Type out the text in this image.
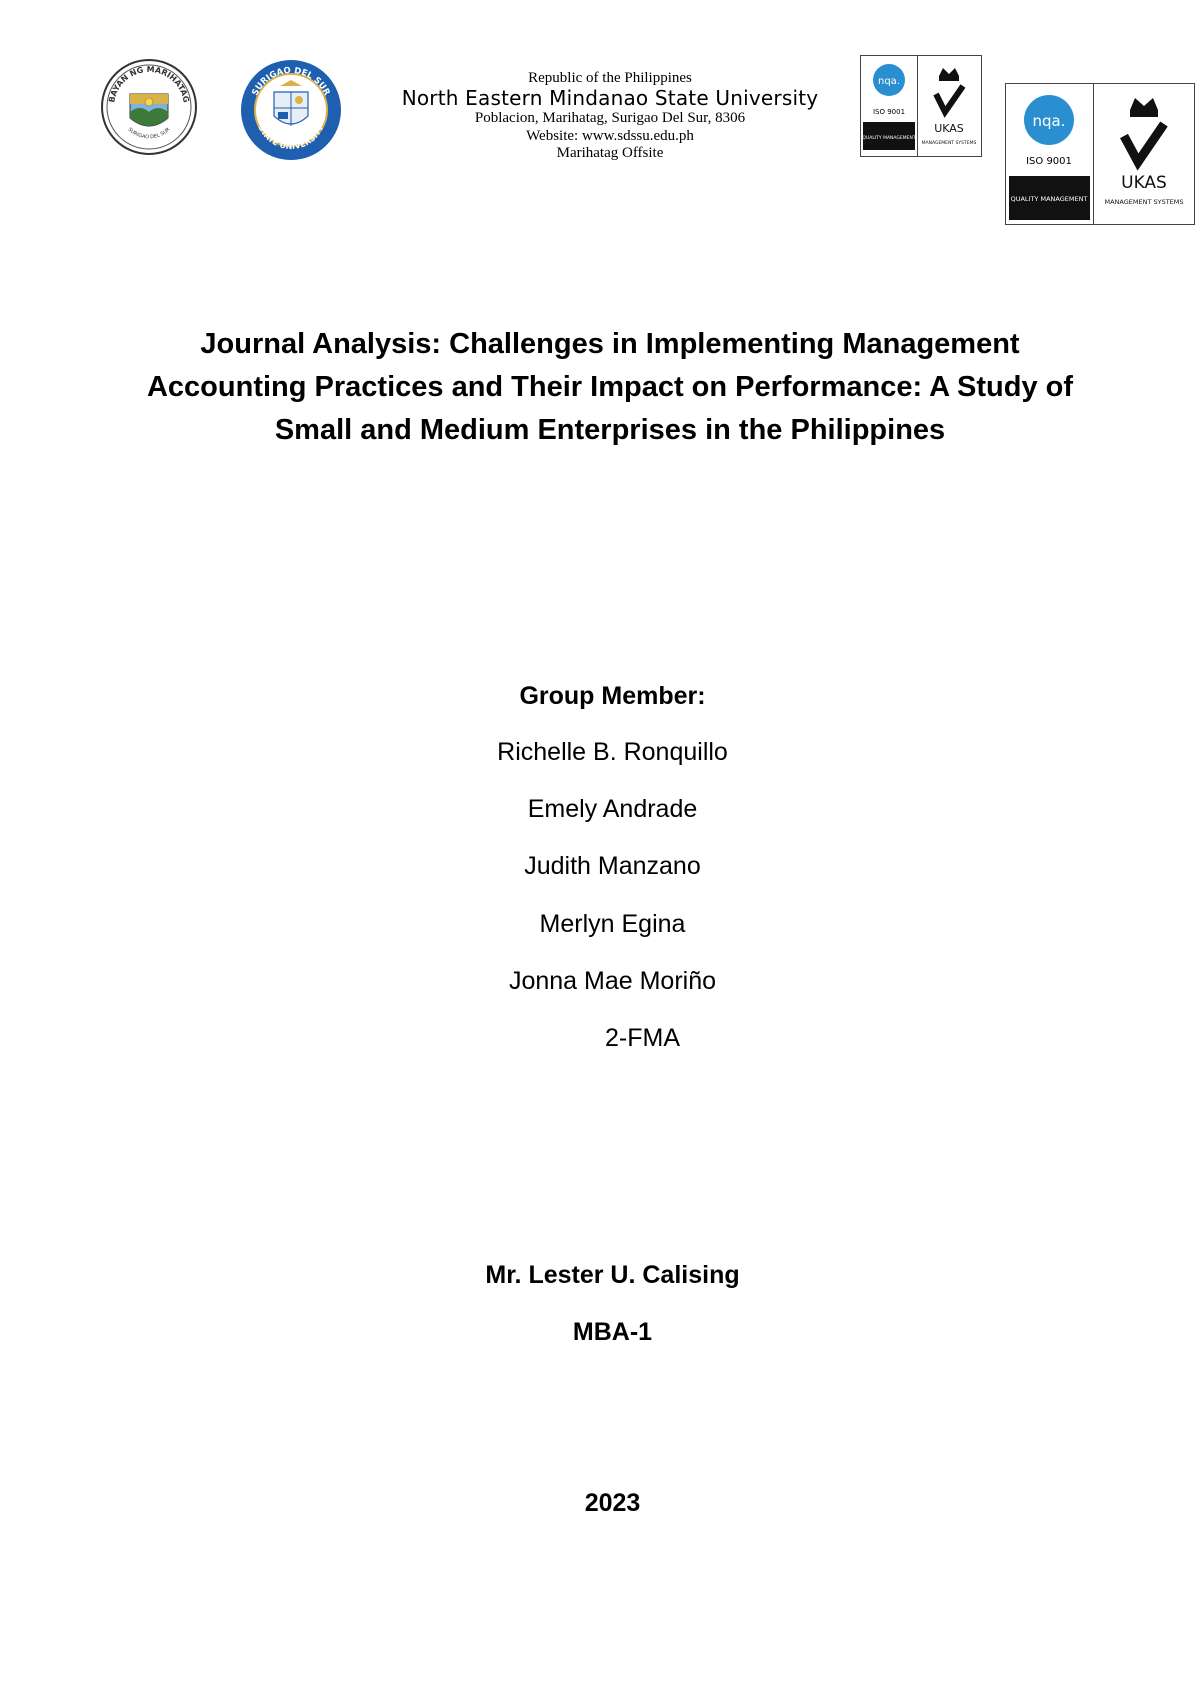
BAYAN NG MARIHATAG
SURIGAO DEL SUR
SURIGAO DEL SUR
STATE UNIVERSITY
Republic of the Philippines
North Eastern Mindanao State University
Poblacion, Marihatag, Surigao Del Sur, 8306
Website: www.sdssu.edu.ph
Marihatag Offsite
nqa.
ISO 9001
QUALITY MANAGEMENT
UKAS
MANAGEMENT SYSTEMS
nqa.
ISO 9001
QUALITY MANAGEMENT
UKAS
MANAGEMENT SYSTEMS
Journal Analysis: Challenges in Implementing Management
Accounting Practices and Their Impact on Performance: A Study of
Small and Medium Enterprises in the Philippines
Group Member:
Richelle B. Ronquillo
Emely Andrade
Judith Manzano
Merlyn Egina
Jonna Mae Moriño
2-FMA
Mr. Lester U. Calising
MBA-1
2023
